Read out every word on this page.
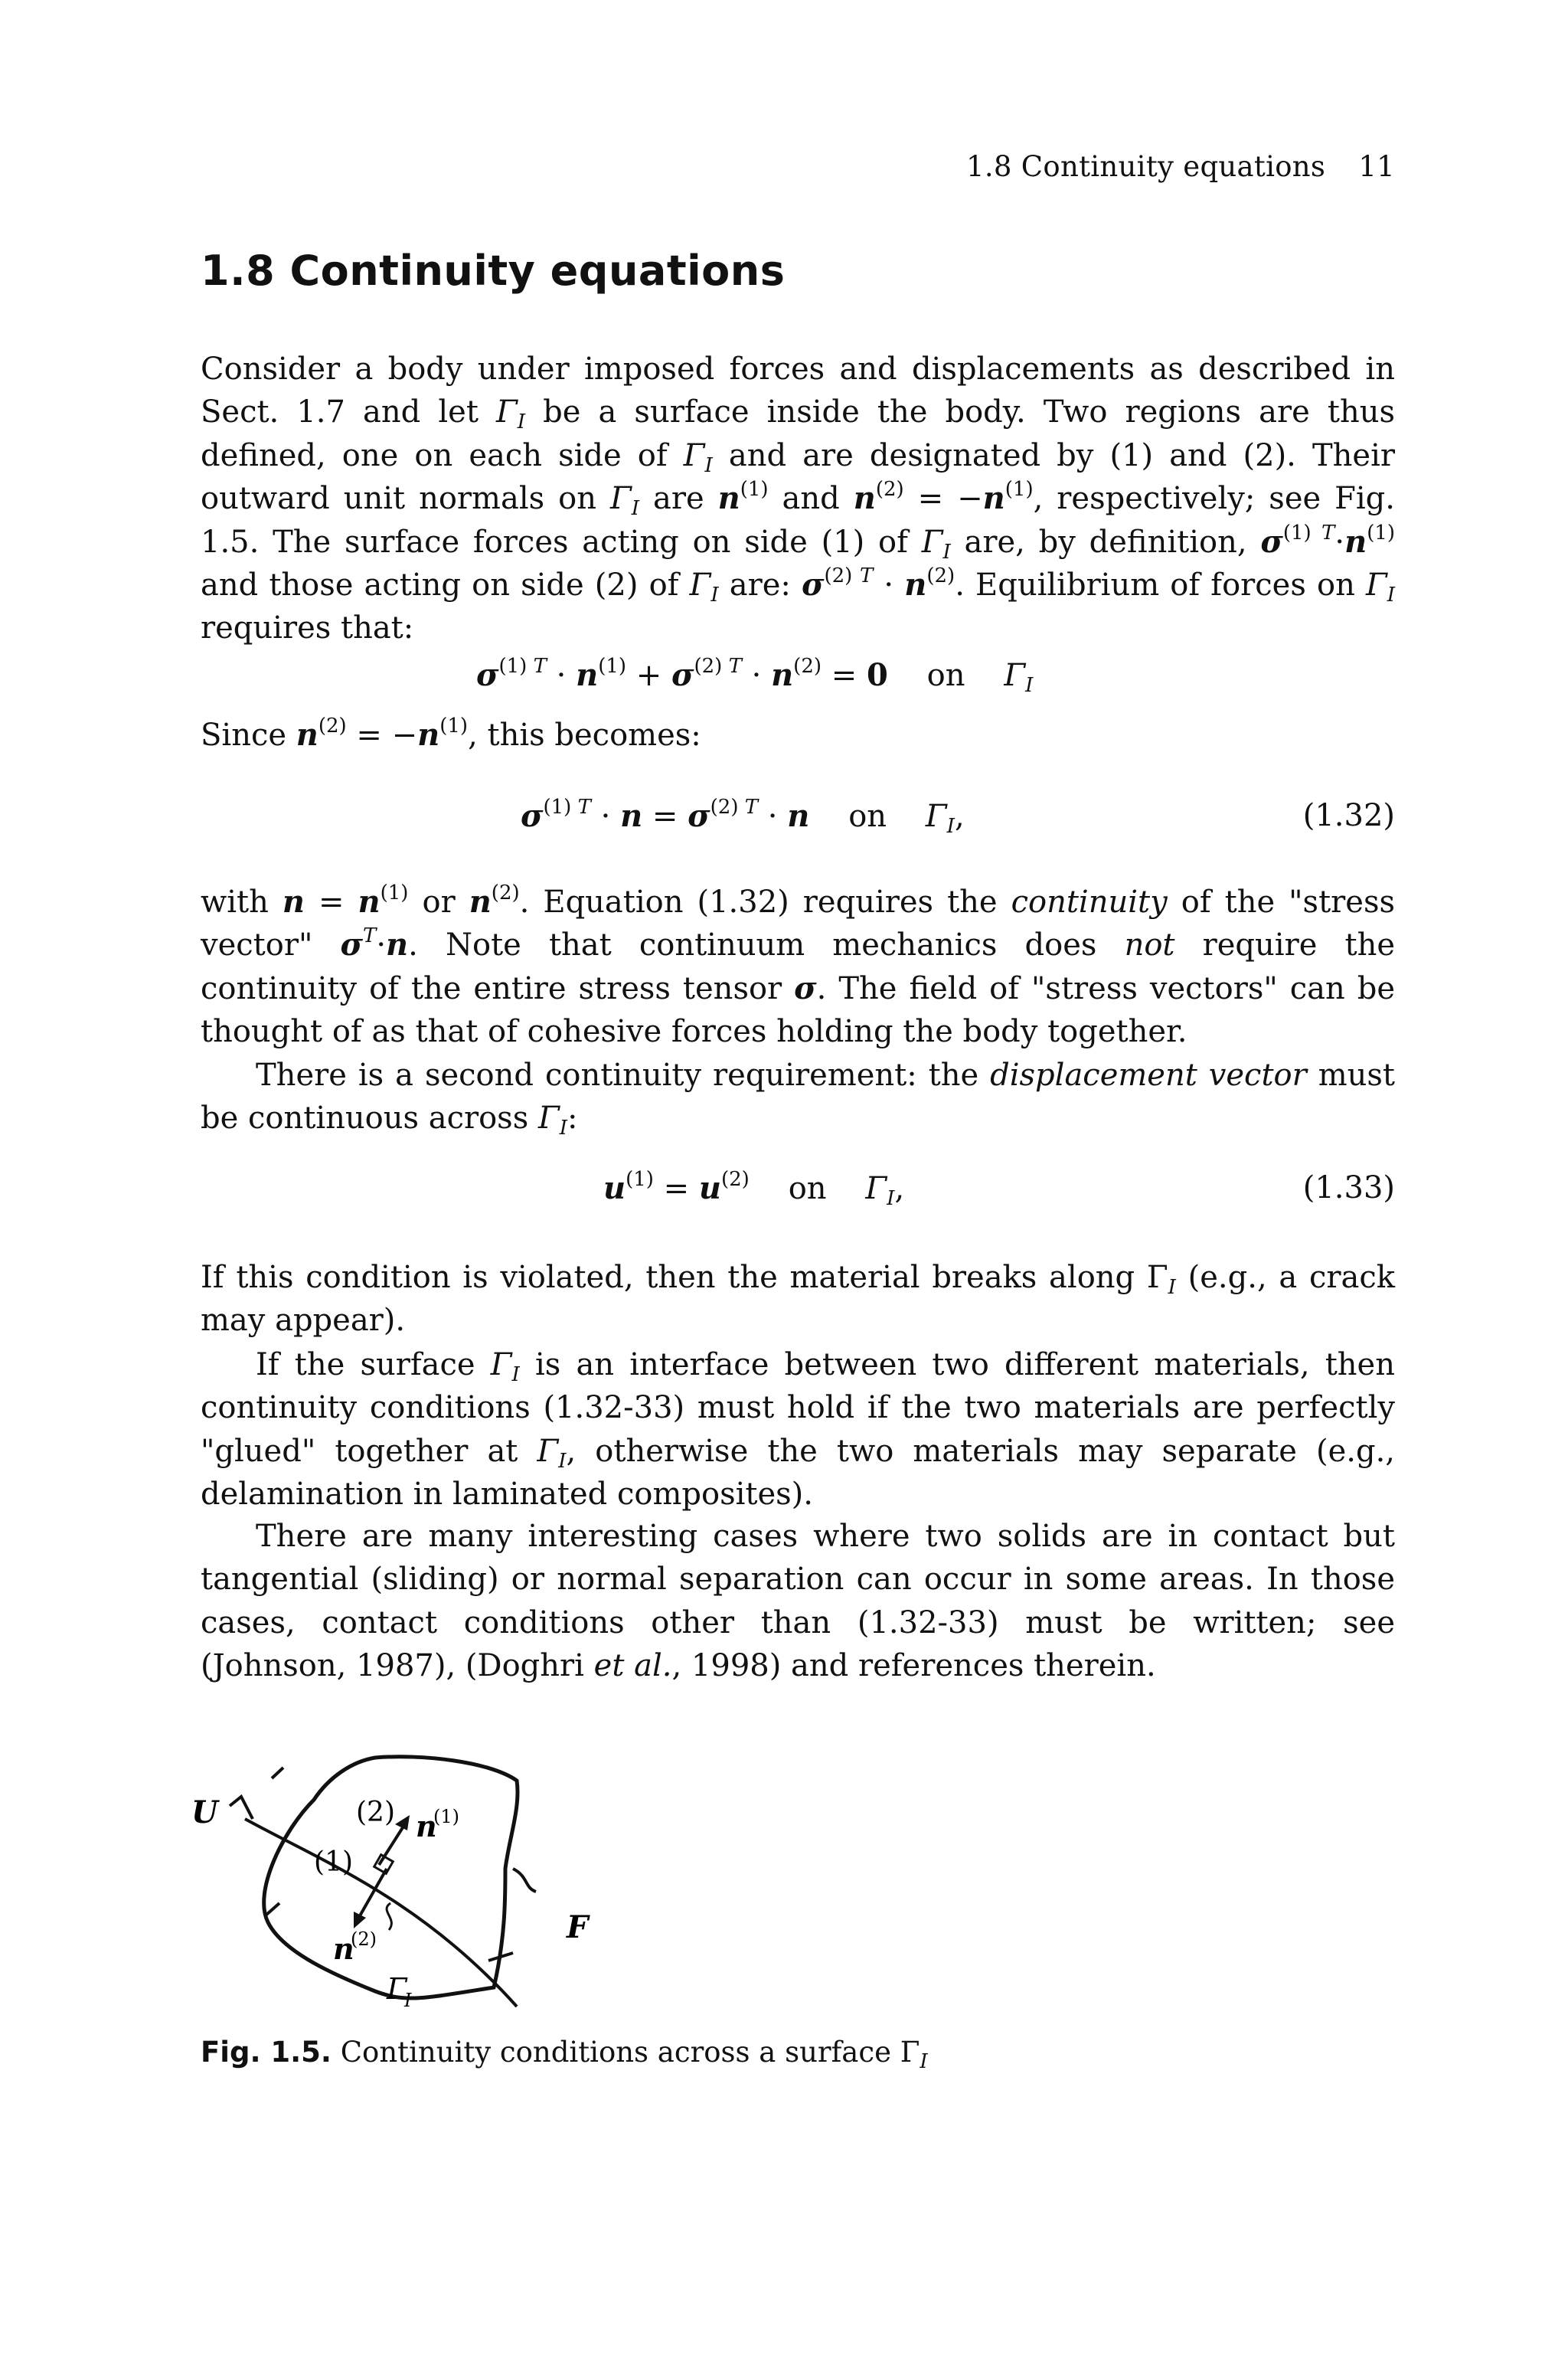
1.8 Continuity equations 11
1.8 Continuity equations
Consider a body under imposed forces and displacements as described in Sect. 1.7 and let $\Gamma_I$ be a surface inside the body. Two regions are thus defined, one on each side of $\Gamma_I$ and are designated by (1) and (2). Their outward unit normals on $\Gamma_I$ are $n^{(1)}$ and $n^{(2)} = -n^{(1)}$, respectively; see Fig. 1.5. The surface forces acting on side (1) of $\Gamma_I$ are, by definition, $\sigma^{(1) T}\cdot n^{(1)}$ and those acting on side (2) of $\Gamma_I$ are: $\sigma^{(2) T} \cdot n^{(2)}$. Equilibrium of forces on $\Gamma_I$ requires that:
$\sigma^{(1) T} \cdot n^{(1)} + \sigma^{(2) T} \cdot n^{(2)} = 0$    on    $\Gamma_I$
Since $n^{(2)} = -n^{(1)}$, this becomes:
$\sigma^{(1) T} \cdot n = \sigma^{(2) T} \cdot n$    on    $\Gamma_I$,	(1.32)
with $n = n^{(1)}$ or $n^{(2)}$. Equation (1.32) requires the continuity of the "stress vector" $\sigma^T\cdot n$. Note that continuum mechanics does not require the continuity of the entire stress tensor σ. The field of "stress vectors" can be thought of as that of cohesive forces holding the body together.
There is a second continuity requirement: the displacement vector must be continuous across $\Gamma_I$:
$u^{(1)} = u^{(2)}$    on    $\Gamma_I$,	(1.33)
If this condition is violated, then the material breaks along $\Gamma_I$ (e.g., a crack may appear).
If the surface $\Gamma_I$ is an interface between two different materials, then continuity conditions (1.32-33) must hold if the two materials are perfectly "glued" together at $\Gamma_I$, otherwise the two materials may separate (e.g., delamination in laminated composites).
There are many interesting cases where two solids are in contact but tangential (sliding) or normal separation can occur in some areas. In those cases, contact conditions other than (1.32-33) must be written; see (Johnson, 1987), (Doghri et al., 1998) and references therein.
U
F
(1)
(2) n
(1)
n
(2)
Γ
I
Fig. 1.5. Continuity conditions across a surface $\Gamma_I$
